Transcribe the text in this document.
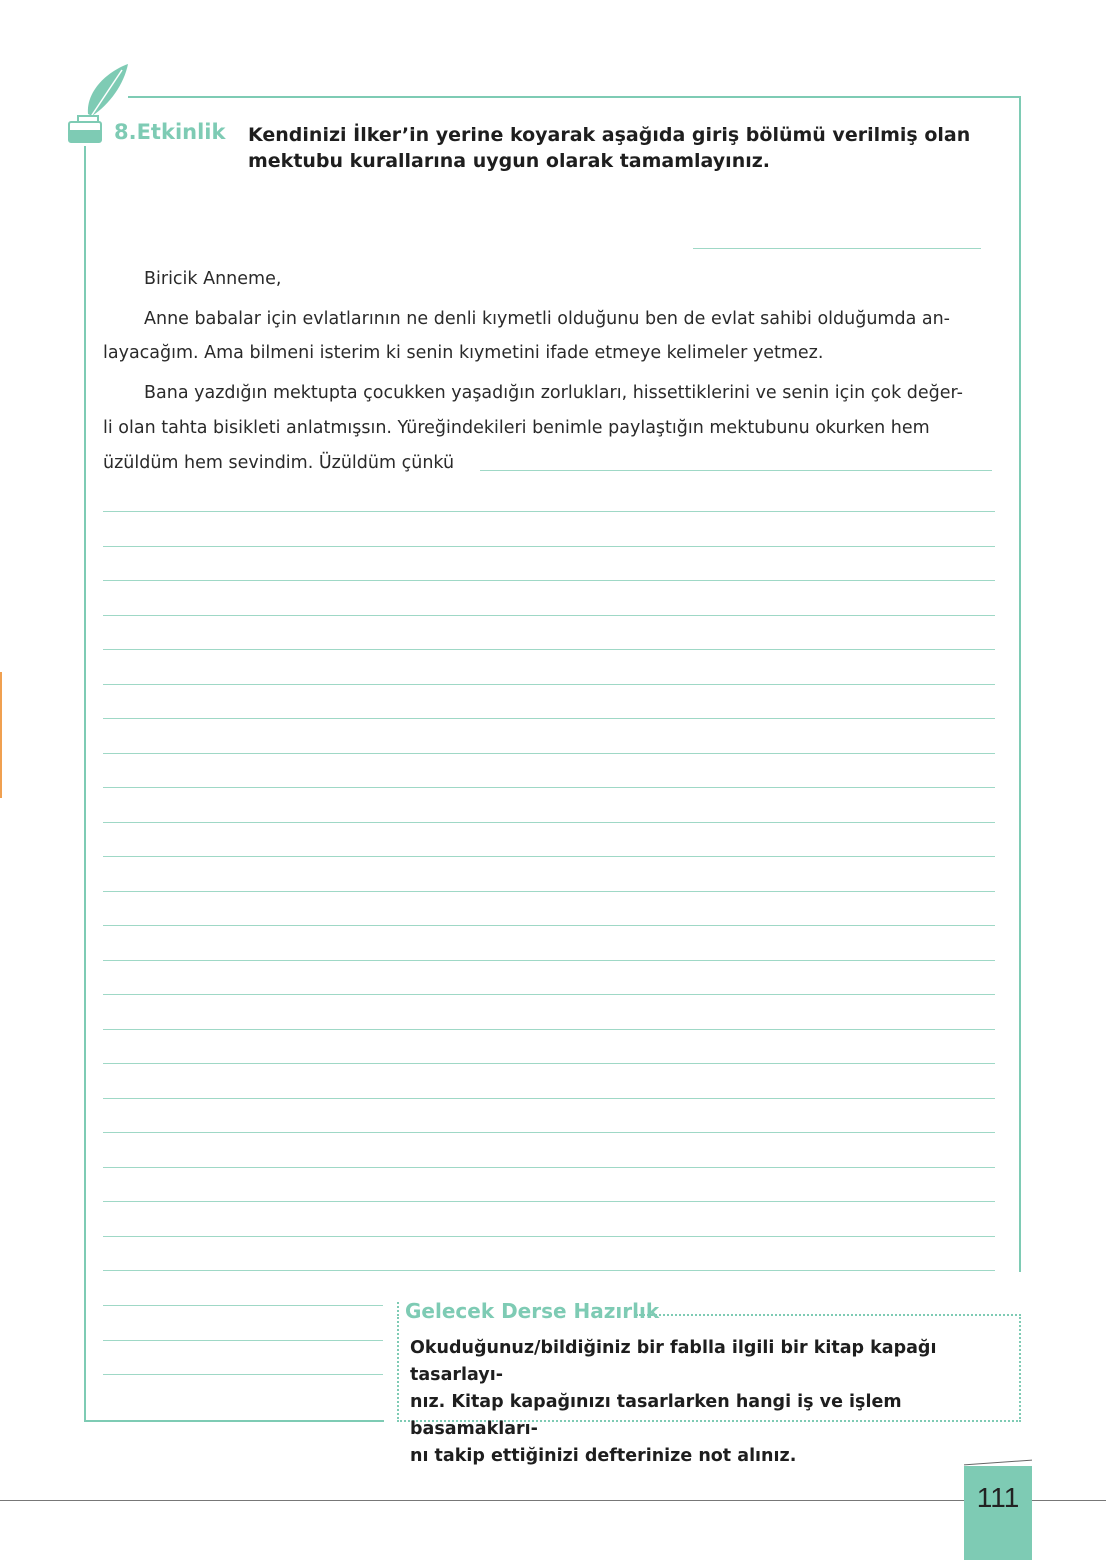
8.Etkinlik Kendinizi İlker’in yerine koyarak aşağıda giriş bölümü verilmiş olan
mektubu kurallarına uygun olarak tamamlayınız.
Biricik Anneme,
Anne babalar için evlatlarının ne denli kıymetli olduğunu ben de evlat sahibi olduğumda an-
layacağım. Ama bilmeni isterim ki senin kıymetini ifade etmeye kelimeler yetmez.
Bana yazdığın mektupta çocukken yaşadığın zorlukları, hissettiklerini ve senin için çok değer-
li olan tahta bisikleti anlatmışsın. Yüreğindekileri benimle paylaştığın mektubunu okurken hem
üzüldüm hem sevindim. Üzüldüm çünkü
Gelecek Derse Hazırlık
Okuduğunuz/bildiğiniz bir fablla ilgili bir kitap kapağı tasarlayı-
nız. Kitap kapağınızı tasarlarken hangi iş ve işlem basamakları-
nı takip ettiğinizi defterinize not alınız.
111
